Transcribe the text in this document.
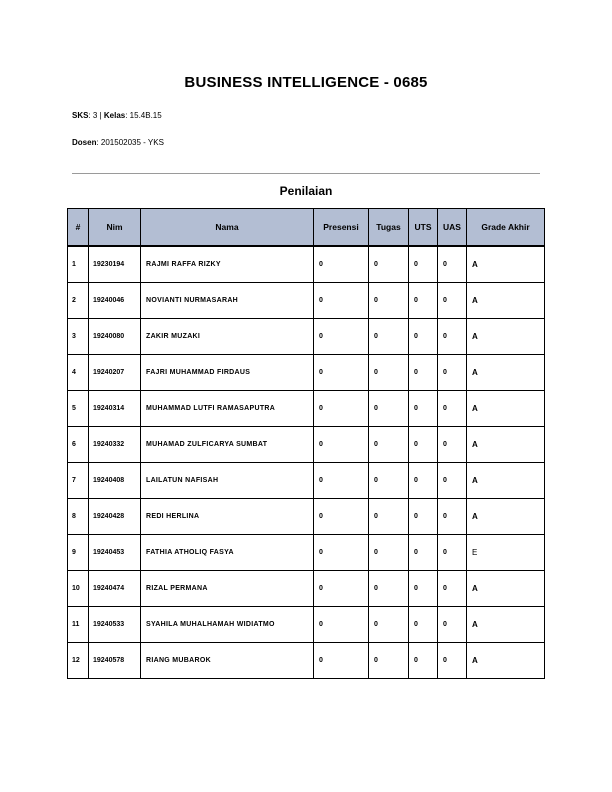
BUSINESS INTELLIGENCE - 0685
SKS: 3 | Kelas: 15.4B.15
Dosen: 201502035 - YKS
Penilaian
#	Nim	Nama	Presensi	Tugas	UTS	UAS	Grade Akhir
1	19230194	RAJMI RAFFA RIZKY	0	0	0	0	A
2	19240046	NOVIANTI NURMASARAH	0	0	0	0	A
3	19240080	ZAKIR MUZAKI	0	0	0	0	A
4	19240207	FAJRI MUHAMMAD FIRDAUS	0	0	0	0	A
5	19240314	MUHAMMAD LUTFI RAMASAPUTRA	0	0	0	0	A
6	19240332	MUHAMAD ZULFICARYA SUMBAT	0	0	0	0	A
7	19240408	LAILATUN NAFISAH	0	0	0	0	A
8	19240428	REDI HERLINA	0	0	0	0	A
9	19240453	FATHIA ATHOLIQ FASYA	0	0	0	0	E
10	19240474	RIZAL PERMANA	0	0	0	0	A
11	19240533	SYAHILA MUHALHAMAH WIDIATMO	0	0	0	0	A
12	19240578	RIANG MUBAROK	0	0	0	0	A
